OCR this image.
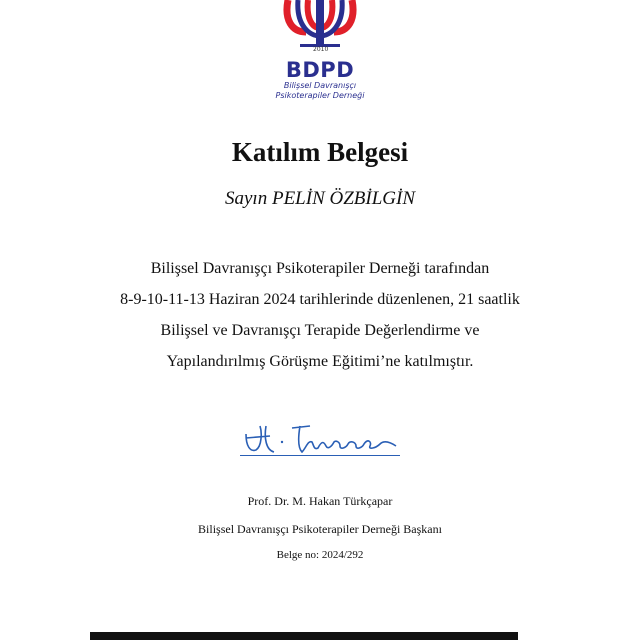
2010
BDPD
Bilişsel Davranışçı
Psikoterapiler Derneği
Katılım Belgesi
Sayın PELİN ÖZBİLGİN
Bilişsel Davranışçı Psikoterapiler Derneği tarafından
8-9-10-11-13 Haziran 2024 tarihlerinde düzenlenen, 21 saatlik
Bilişsel ve Davranışçı Terapide Değerlendirme ve
Yapılandırılmış Görüşme Eğitimi’ne katılmıştır.
Prof. Dr. M. Hakan Türkçapar
Bilişsel Davranışçı Psikoterapiler Derneği Başkanı
Belge no: 2024/292
